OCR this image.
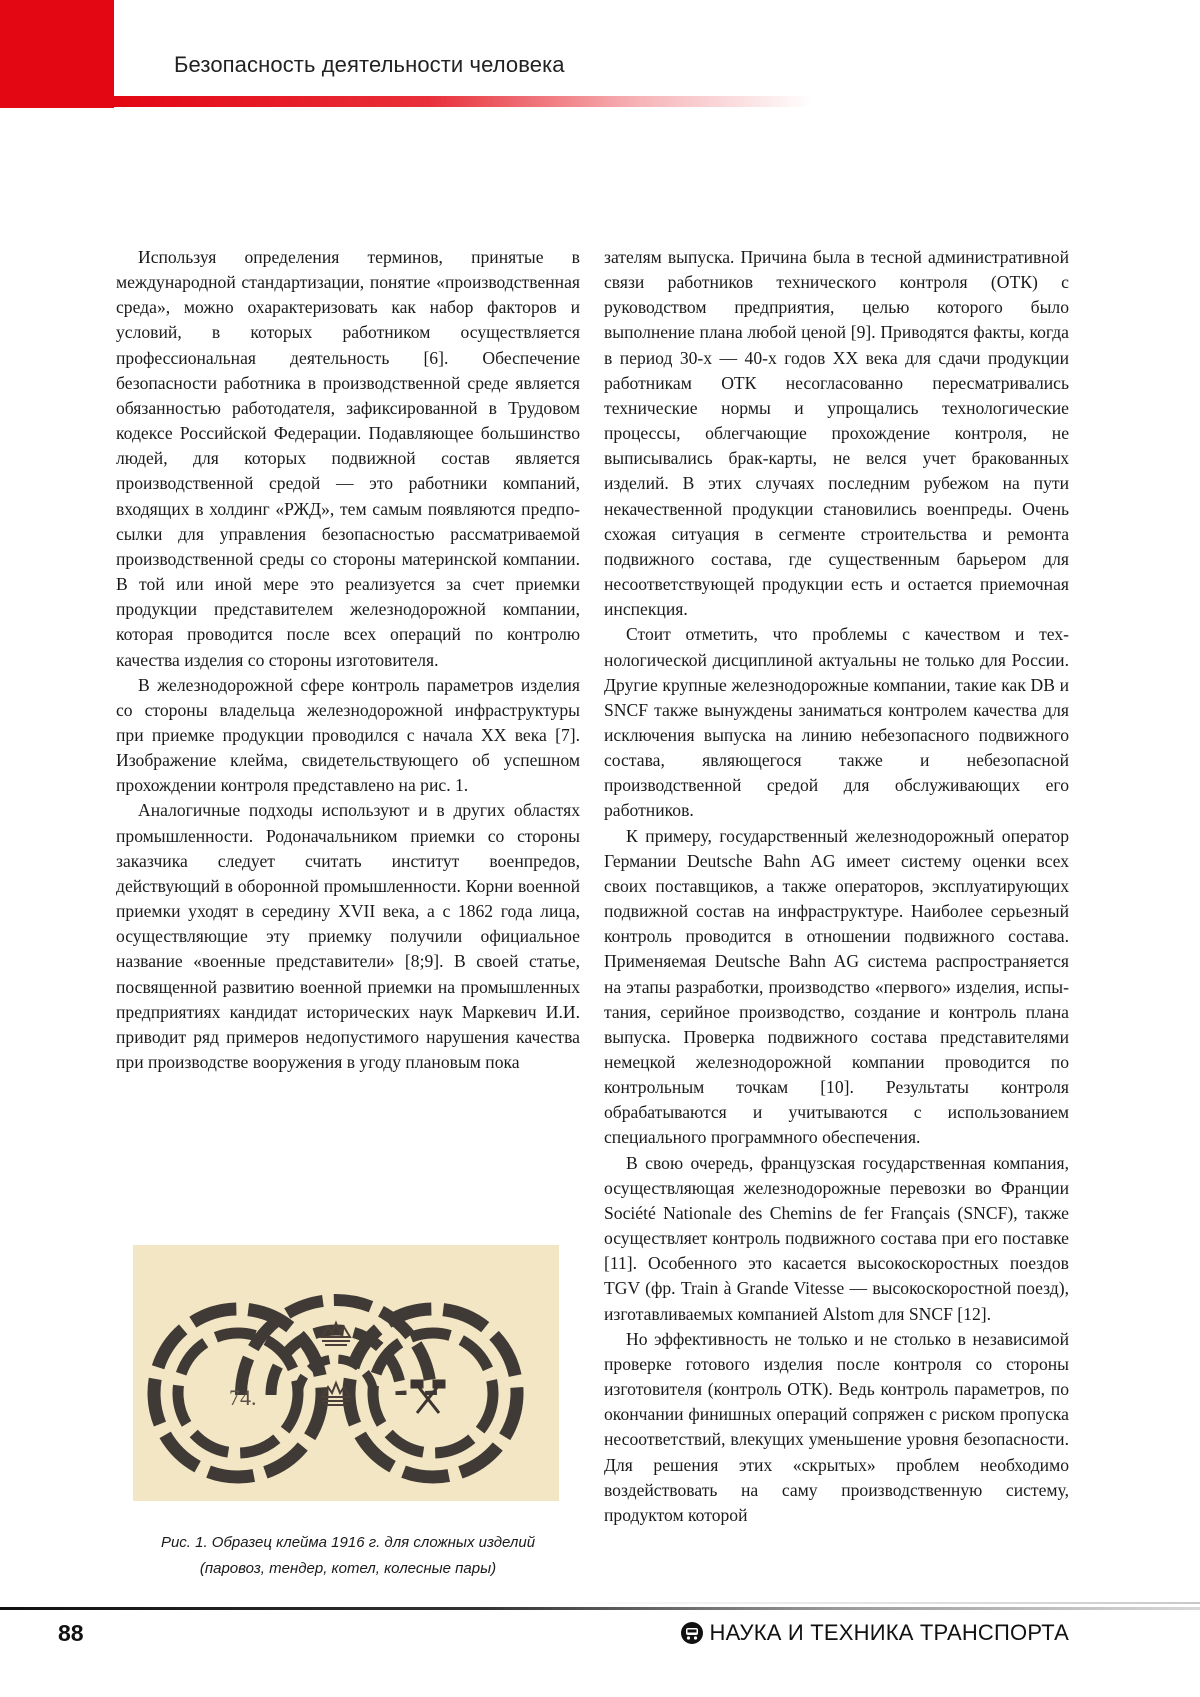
Безопасность деятельности человека

Используя определения терминов, принятые в международной стандартизации, понятие «производственная среда», можно охарактеризовать как набор факторов и условий, в которых работником осуществляется профессиональная деятельность [6]. Обеспечение безопасности работника в производственной среде является обязанностью работодателя, зафиксированной в Трудовом кодексе Российской Федерации. Подавляющее большинство людей, для которых подвижной состав является производственной средой — это работники компаний, входящих в холдинг «РЖД», тем самым появляются предпосылки для управления безопасностью рассматриваемой производственной среды со стороны материнской компании. В той или иной мере это реализуется за счет приемки продукции представителем железнодорожной компании, которая проводится после всех операций по контролю качества изделия со стороны изготовителя.

В железнодорожной сфере контроль параметров изделия со стороны владельца железнодорожной инфраструктуры при приемке продукции проводился с начала XX века [7]. Изображение клейма, свидетельствующего об успешном прохождении контроля представлено на рис. 1.

Аналогичные подходы используют и в других областях промышленности. Родоначальником приемки со стороны заказчика следует считать институт военпредов, действующий в оборонной промышленности. Корни военной приемки уходят в середину XVII века, а с 1862 года лица, осуществляющие эту приемку получили официальное название «военные представители» [8;9]. В своей статье, посвященной развитию военной приемки на промышленных предприятиях кандидат исторических наук Маркевич И.И. приводит ряд примеров недопустимого нарушения качества при производстве вооружения в угоду плановым пока

зателям выпуска. Причина была в тесной административной связи работников технического контроля (ОТК) с руководством предприятия, целью которого было выполнение плана любой ценой [9]. Приводятся факты, когда в период 30-х — 40-х годов XX века для сдачи продукции работникам ОТК несогласованно пересматривались технические нормы и упрощались технологические процессы, облегчающие прохождение контроля, не выписывались брак-карты, не велся учет бракованных изделий. В этих случаях последним рубежом на пути некачественной продукции становились военпреды. Очень схожая ситуация в сегменте строительства и ремонта подвижного состава, где существенным барьером для несоответствующей продукции есть и остается приемочная инспекция.

Стоит отметить, что проблемы с качеством и технологической дисциплиной актуальны не только для России. Другие крупные железнодорожные компании, такие как DB и SNCF также вынуждены заниматься контролем качества для исключения выпуска на линию небезопасного подвижного состава, являющегося также и небезопасной производственной средой для обслуживающих его работников.

К примеру, государственный железнодорожный оператор Германии Deutsche Bahn AG имеет систему оценки всех своих поставщиков, а также операторов, эксплуатирующих подвижной состав на инфраструктуре. Наиболее серьезный контроль проводится в отношении подвижного состава. Применяемая Deutsche Bahn AG система распространяется на этапы разработки, производство «первого» изделия, испытания, серийное производство, создание и контроль плана выпуска. Проверка подвижного состава представителями немецкой железнодорожной компании проводится по контрольным точкам [10]. Результаты контроля обрабатываются и учитываются с использованием специального программного обеспечения.

В свою очередь, французская государственная компания, осуществляющая железнодорожные перевозки во Франции Société Nationale des Chemins de fer Français (SNCF), также осуществляет контроль подвижного состава при его поставке [11]. Особенного это касается высокоскоростных поездов TGV (фр. Train à Grande Vitesse — высокоскоростной поезд), изготавливаемых компанией Alstom для SNCF [12].

Но эффективность не только и не столько в независимой проверке готового изделия после контроля со стороны изготовителя (контроль ОТК). Ведь контроль параметров, по окончании финишных операций сопряжен с риском пропуска несоответствий, влекущих уменьшение уровня безопасности. Для решения этих «скрытых» проблем необходимо воздействовать на саму производственную систему, продуктом которой

74.
Рис. 1. Образец клейма 1916 г. для сложных изделий
(паровоз, тендер, котел, колесные пары)
88	НАУКА И ТЕХНИКА ТРАНСПОРТА
